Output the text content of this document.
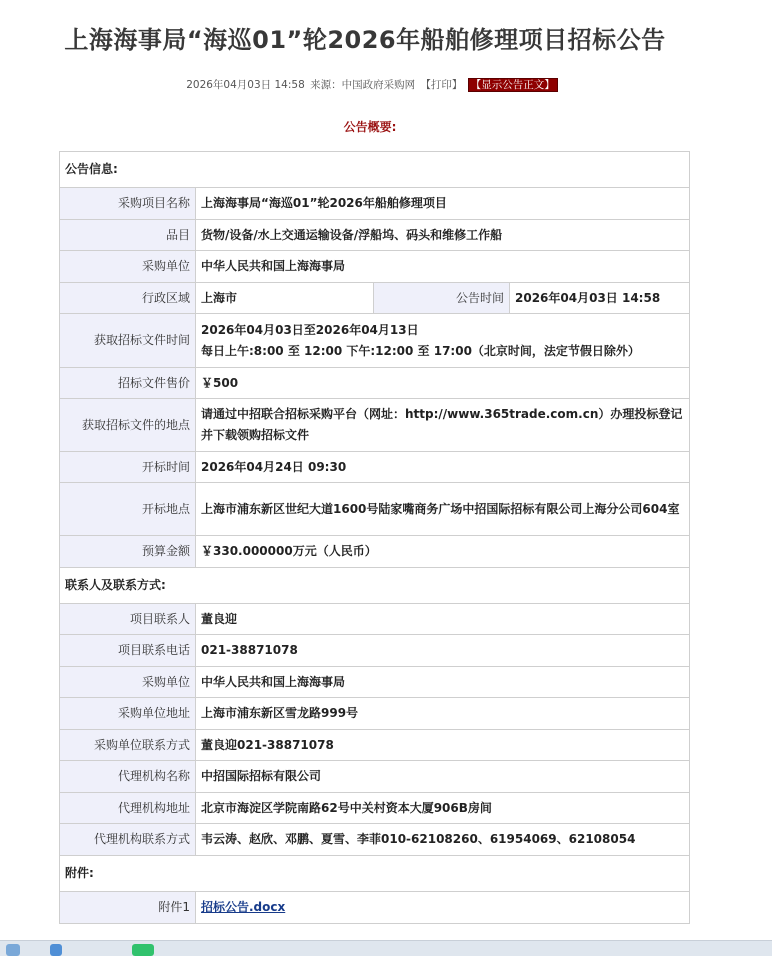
上海海事局“海巡01”轮2026年船舶修理项目招标公告
2026年04月03日 14:58 来源：中国政府采购网 【打印】 【显示公告正文】
公告概要:
公告信息:			
采购项目名称	上海海事局“海巡01”轮2026年船舶修理项目		
品目	货物/设备/水上交通运输设备/浮船坞、码头和维修工作船		
采购单位	中华人民共和国上海海事局		
行政区域	上海市	公告时间	2026年04月03日 14:58
获取招标文件时间	2026年04月03日至2026年04月13日
每日上午:8:00 至 12:00 下午:12:00 至 17:00（北京时间，法定节假日除外）		

招标文件售价	￥500		
获取招标文件的地点	请通过中招联合招标采购平台（网址：http://www.365trade.com.cn）办理投标登记并下载领购招标文件		
开标时间	2026年04月24日 09:30		
开标地点	上海市浦东新区世纪大道1600号陆家嘴商务广场中招国际招标有限公司上海分公司604室		
预算金额	￥330.000000万元（人民币）		
联系人及联系方式:			
项目联系人	董良迎		
项目联系电话	021-38871078		
采购单位	中华人民共和国上海海事局		
采购单位地址	上海市浦东新区雪龙路999号		
采购单位联系方式	董良迎021-38871078		
代理机构名称	中招国际招标有限公司		
代理机构地址	北京市海淀区学院南路62号中关村资本大厦906B房间		
代理机构联系方式	韦云涛、赵欣、邓鹏、夏雪、李菲010-62108260、61954069、62108054		
附件:			
附件1	招标公告.docx		
